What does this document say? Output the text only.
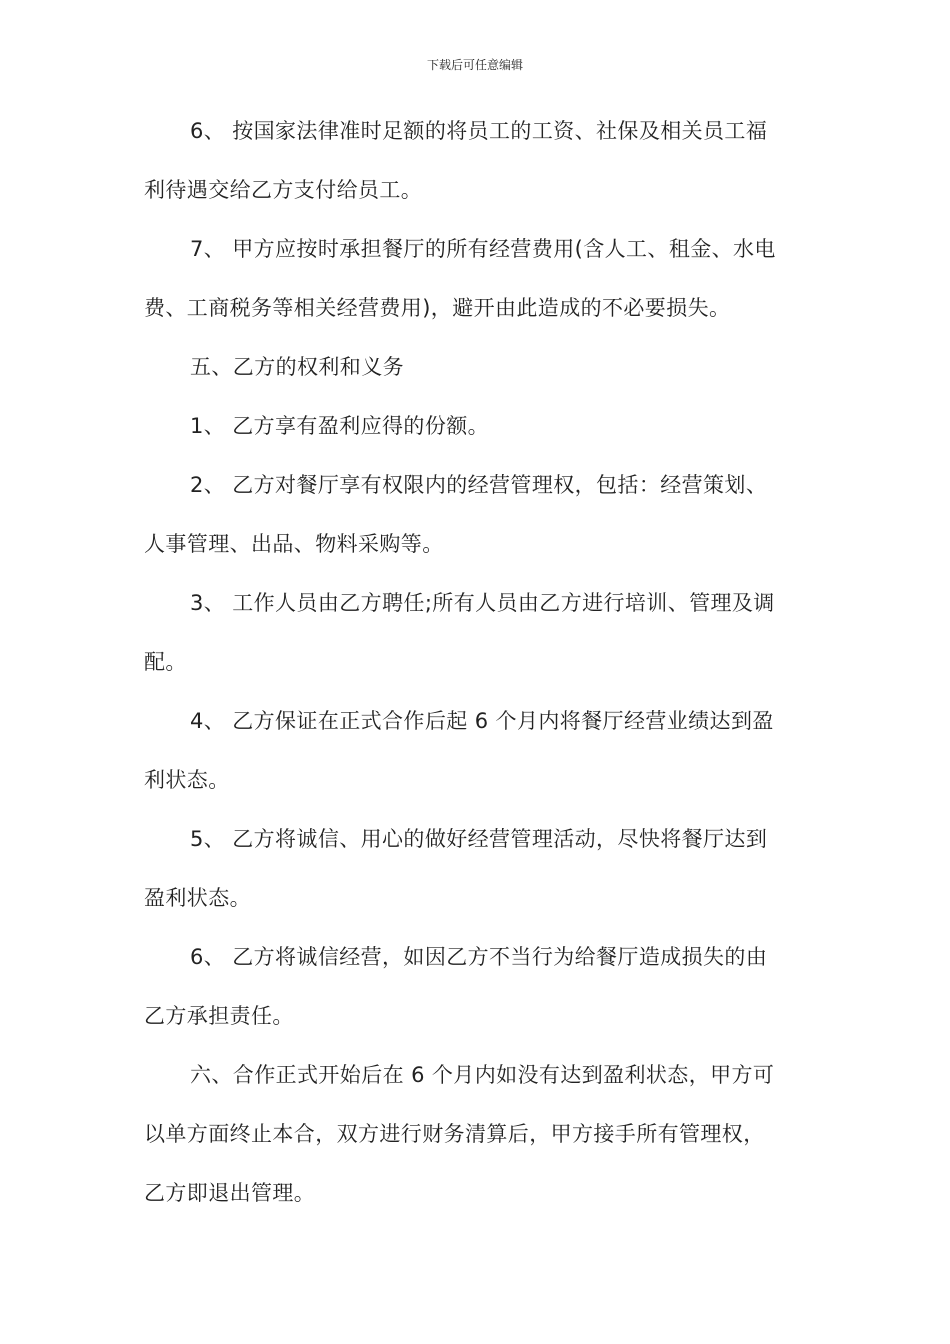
下载后可任意编辑
6、 按国家法律准时足额的将员工的工资、社保及相关员工福
利待遇交给乙方支付给员工。
7、 甲方应按时承担餐厅的所有经营费用(含人工、租金、水电
费、工商税务等相关经营费用)，避开由此造成的不必要损失。
五、乙方的权利和义务
1、 乙方享有盈利应得的份额。
2、 乙方对餐厅享有权限内的经营管理权，包括：经营策划、
人事管理、出品、物料采购等。
3、 工作人员由乙方聘任;所有人员由乙方进行培训、管理及调
配。
4、 乙方保证在正式合作后起 6 个月内将餐厅经营业绩达到盈
利状态。
5、 乙方将诚信、用心的做好经营管理活动，尽快将餐厅达到
盈利状态。
6、 乙方将诚信经营，如因乙方不当行为给餐厅造成损失的由
乙方承担责任。
六、合作正式开始后在 6 个月内如没有达到盈利状态，甲方可
以单方面终止本合，双方进行财务清算后，甲方接手所有管理权，
乙方即退出管理。
